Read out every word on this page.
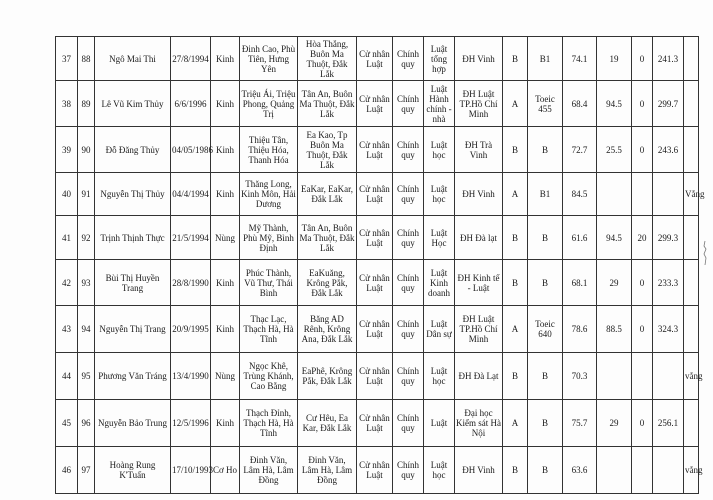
37	88	Ngô Mai Thi	27/8/1994	Kinh	Đinh Cao, Phù Tiên, Hưng Yên	Hòa Thắng, Buôn Ma Thuột, Đắk Lắk	Cử nhân Luật	Chính quy	Luật tổng hợp	ĐH Vinh	B	B1	74.1	19	0	241.3	
38	89	Lê Vũ Kim Thủy	6/6/1996	Kinh	Triệu Ái, Triệu Phong, Quảng Trị	Tân An, Buôn Ma Thuột, Đắk Lắk	Cử nhân Luật	Chính quy	Luật Hành chính - nhà	ĐH Luật TP.Hồ Chí Minh	A	Toeic 455	68.4	94.5	0	299.7	
39	90	Đỗ Đăng Thủy	04/05/1986	Kinh	Thiệu Tân, Thiệu Hóa, Thanh Hóa	Ea Kao, Tp Buôn Ma Thuột, Đắk Lắk	Cử nhân Luật	Chính quy	Luật học	ĐH Trà Vinh	B	B	72.7	25.5	0	243.6	
40	91	Nguyễn Thị Thủy	04/4/1994	Kinh	Thăng Long, Kinh Môn, Hải Dương	EaKar, EaKar, Đắk Lắk	Cử nhân Luật	Chính quy	Luật học	ĐH Vinh	A	B1	84.5				Vắng
41	92	Trịnh Thịnh Thực	21/5/1994	Nùng	Mỹ Thành, Phù Mỹ, Bình Định	Tân An, Buôn Ma Thuột, Đắk Lắk	Cử nhân Luật	Chính quy	Luật Học	ĐH Đà lạt	B	B	61.6	94.5	20	299.3	
42	93	Bùi Thị Huyền Trang	28/8/1990	Kinh	Phúc Thành, Vũ Thư, Thái Bình	EaKuăng, Krông Pắk, Đắk Lắk	Cử nhân Luật	Chính quy	Luật Kinh doanh	ĐH Kinh tế - Luật	B	B	68.1	29	0	233.3	
43	94	Nguyễn Thị Trang	20/9/1995	Kinh	Thạc Lạc, Thạch Hà, Hà Tĩnh	Băng AD Rênh, Krông Ana, Đắk Lắk	Cử nhân Luật	Chính quy	Luật Dân sự	ĐH Luật TP.Hồ Chí Minh	A	Toeic 640	78.6	88.5	0	324.3	
44	95	Phương Văn Tráng	13/4/1990	Nùng	Ngọc Khê, Trùng Khánh, Cao Bằng	EaPhê, Krông Pắk, Đắk Lắk	Cử nhân Luật	Chính quy	Luật học	ĐH Đà Lạt	B	B	70.3				vắng
45	96	Nguyễn Bảo Trung	12/5/1996	Kinh	Thạch Đỉnh, Thạch Hà, Hà Tĩnh	Cư Hêu, Ea Kar, Đắk Lắk	Cử nhân Luật	Chính quy	Luật	Đại học Kiểm sát Hà Nội	A	B	75.7	29	0	256.1	
46	97	Hoàng Rung K'Tuấn	17/10/1993	Cơ Ho	Đinh Văn, Lâm Hà, Lâm Đồng	Đinh Văn, Lâm Hà, Lâm Đồng	Cử nhân Luật	Chính quy	Luật học	ĐH Vinh	B	B	63.6				vắng
